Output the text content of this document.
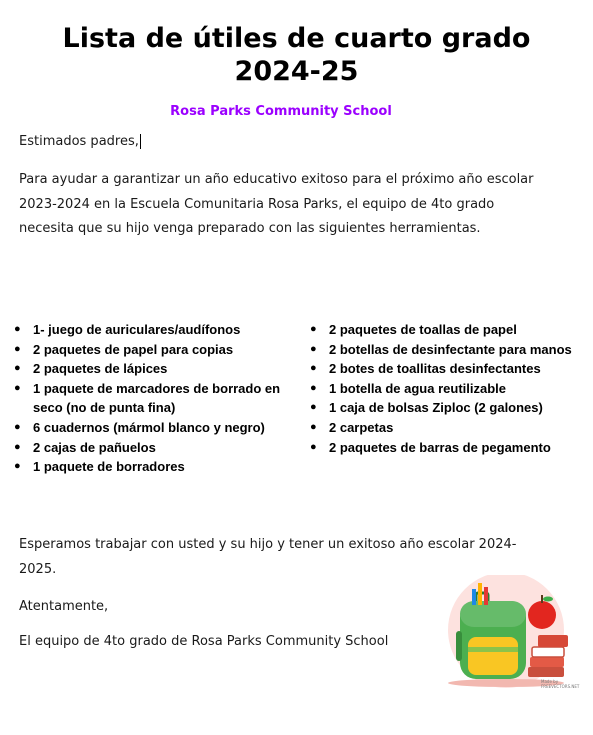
Lista de útiles de cuarto grado
2024-25
Rosa Parks Community School
Estimados padres,
Para ayudar a garantizar un año educativo exitoso para el próximo año escolar 2023-2024 en la Escuela Comunitaria Rosa Parks, el equipo de 4to grado necesita que su hijo venga preparado con las siguientes herramientas.
● 1- juego de auriculares/audífonos
● 2 paquetes de papel para copias
● 2 paquetes de lápices
● 1 paquete de marcadores de borrado en seco (no de punta fina)
● 6 cuadernos (mármol blanco y negro)
● 2 cajas de pañuelos
● 1 paquete de borradores
● 2 paquetes de toallas de papel
● 2 botellas de desinfectante para manos
● 2 botes de toallitas desinfectantes
● 1 botella de agua reutilizable
● 1 caja de bolsas Ziploc (2 galones)
● 2 carpetas
● 2 paquetes de barras de pegamento
Esperamos trabajar con usted y su hijo y tener un exitoso año escolar 2024-2025.
Atentamente,
El equipo de 4to grado de Rosa Parks Community School
Made by FREEVECTORS.NET
